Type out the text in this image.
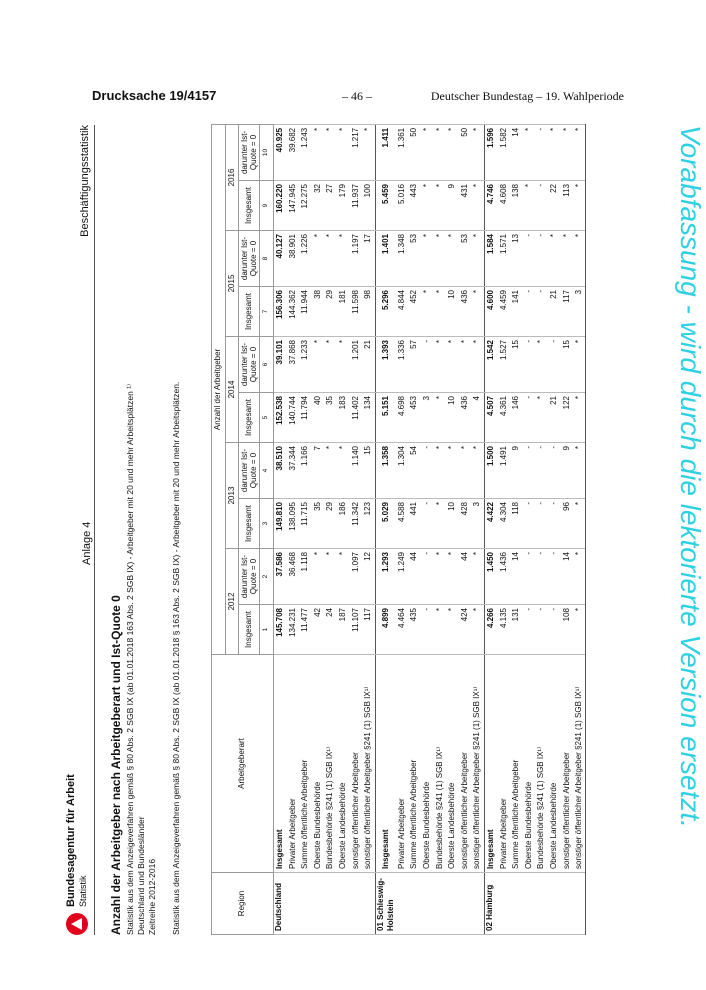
Drucksache 19/4157	– 46 –	Deutscher Bundestag – 19. Wahlperiode
Bundesagentur für Arbeit Statistik
Anlage 4
Beschäftigungsstatistik
Anzahl der Arbeitgeber nach Arbeitgeberart und Ist-Quote 0 Statistik aus dem Anzeigeverfahren gemäß § 80 Abs. 2 SGB IX (ab 01.01.2018 163 Abs. 2 SGB IX) - Arbeitgeber mit 20 und mehr Arbeitsplätzen ¹⁾ Deutschland und Bundesländer Zeitreihe 2012-2016 Statistik aus dem Anzeigeverfahren gemäß § 80 Abs. 2 SGB IX (ab 01.01.2018 § 163 Abs. 2 SGB IX) - Arbeitgeber mit 20 und mehr Arbeitsplätzen.	Region	Arbeitgeberart	Anzahl der Arbeitgeber									
		2012		2013		2014		2015		2016	
		Insgesamt	darunter Ist-Quote = 0	Insgesamt	darunter Ist-Quote = 0	Insgesamt	darunter Ist-Quote = 0	Insgesamt	darunter Ist-Quote = 0	Insgesamt	darunter Ist-Quote = 0
		1	2	3	4	5	6	7	8	9	10
Deutschland	Insgesamt	145.708	37.586	149.810	38.510	152.538	39.101	156.306	40.127	160.220	40.925
	Privater Arbeitgeber	134.231	36.468	138.095	37.344	140.744	37.868	144.362	38.901	147.945	39.682
	Summe öffentliche Arbeitgeber	11.477	1.118	11.715	1.166	11.794	1.233	11.944	1.226	12.275	1.243
	Oberste Bundesbehörde	42	*	35	7	40	*	38	*	32	*
	Bundesbehörde §241 (1) SGB IX¹⁾	24	*	29	*	35	*	29	*	27	*
	Oberste Landesbehörde	187	*	186	*	183	*	181	*	179	*
	sonstiger öffentlicher Arbeitgeber	11.107	1.097	11.342	1.140	11.402	1.201	11.598	1.197	11.937	1.217
	sonstiger öffentlicher Arbeitgeber §241 (1) SGB IX¹⁾	117	12	123	15	134	21	98	17	100	*
01 Schleswig-Holstein	Insgesamt	4.899	1.293	5.029	1.358	5.151	1.393	5.296	1.401	5.459	1.411
	Privater Arbeitgeber	4.464	1.249	4.588	1.304	4.698	1.336	4.844	1.348	5.016	1.361
	Summe öffentliche Arbeitgeber	435	44	441	54	453	57	452	53	443	50
	Oberste Bundesbehörde	-	-	-	-	3	-	*	*	*	*
	Bundesbehörde §241 (1) SGB IX¹⁾	*	*	*	*	*	*	*	*	*	*
	Oberste Landesbehörde	*	*	10	*	10	*	10	*	9	*
	sonstiger öffentlicher Arbeitgeber	424	44	428	*	436	*	436	53	431	50
	sonstiger öffentlicher Arbeitgeber §241 (1) SGB IX¹⁾	*	*	3	*	4	*	*	*	*	*
02 Hamburg	Insgesamt	4.266	1.450	4.422	1.500	4.507	1.542	4.600	1.584	4.746	1.596
	Privater Arbeitgeber	4.135	1.436	4.304	1.491	4.361	1.527	4.459	1.571	4.608	1.582
	Summe öffentliche Arbeitgeber	131	14	118	9	146	15	141	13	138	14
	Oberste Bundesbehörde	-	-	-	-	-	-	-	-	*	*
	Bundesbehörde §241 (1) SGB IX¹⁾	-	-	-	-	*	*	-	-	-	-
	Oberste Landesbehörde	-	-	-	-	21	-	21	*	22	*
	sonstiger öffentlicher Arbeitgeber	108	14	96	9	122	15	117	*	113	*
	sonstiger öffentlicher Arbeitgeber §241 (1) SGB IX¹⁾	*	*	*	*	*	*	3	*	*	*	Vorabfassung - wird durch die lektorierte Version ersetzt.
